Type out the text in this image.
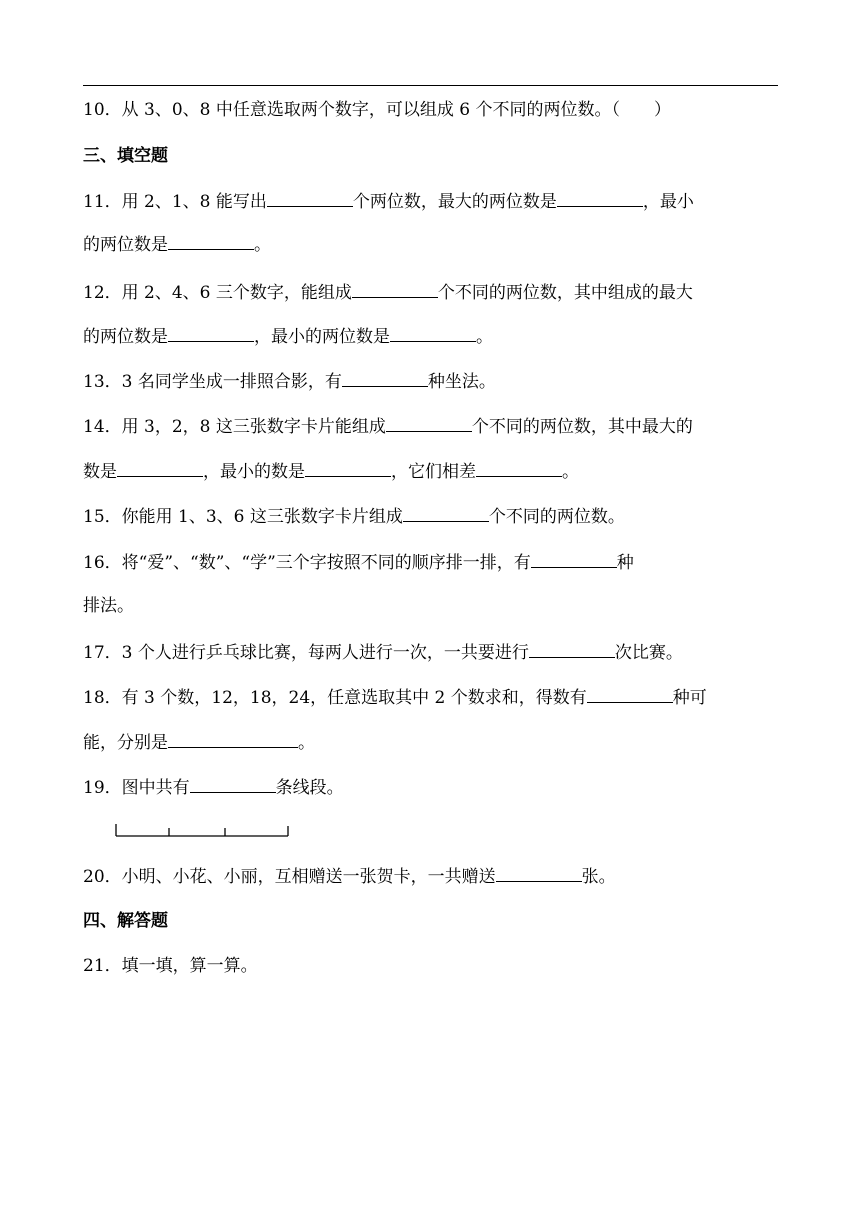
10．从 3、0、8 中任意选取两个数字，可以组成 6 个不同的两位数。（　　）
三、填空题
11．用 2、1、8 能写出	个两位数，最大的两位数是	，最小
的两位数是	。
12．用 2、4、6 三个数字，能组成	个不同的两位数，其中组成的最大
的两位数是	，最小的两位数是	。
13．3 名同学坐成一排照合影，有	种坐法。
14．用 3，2，8 这三张数字卡片能组成	个不同的两位数，其中最大的
数是	，最小的数是	，它们相差	。
15．你能用 1、3、6 这三张数字卡片组成	个不同的两位数。
16．将“爱”、“数”、“学”三个字按照不同的顺序排一排，有	种
排法。
17．3 个人进行乒乓球比赛，每两人进行一次，一共要进行	次比赛。
18．有 3 个数，12，18，24，任意选取其中 2 个数求和，得数有	种可
能，分别是	。
19．图中共有	条线段。
20．小明、小花、小丽，互相赠送一张贺卡，一共赠送	张。
四、解答题
21．填一填，算一算。
